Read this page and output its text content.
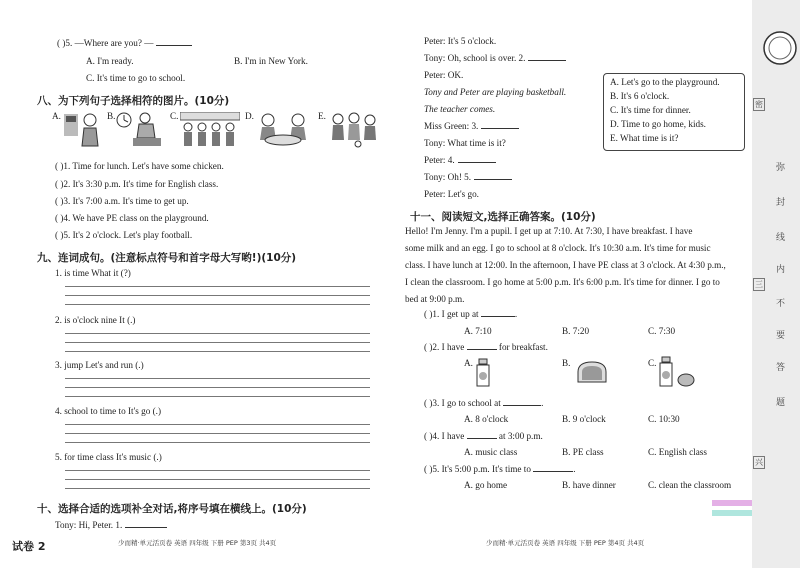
( )5. —Where are you? —
A. I'm ready.	B. I'm in New York.
C. It's time to go to school.
八、为下列句子选择相符的图片。(10分)
A.	B.	C.	D.	E.
( )1. Time for lunch. Let's have some chicken.
( )2. It's 3:30 p.m. It's time for English class.
( )3. It's 7:00 a.m. It's time to get up.
( )4. We have PE class on the playground.
( )5. It's 2 o'clock. Let's play football.
九、连词成句。(注意标点符号和首字母大写哟!)(10分)
1. is time What it (?)
2. is o'clock nine It (.)
3. jump Let's and run (.)
4. school to time to It's go (.)
5. for time class It's music (.)
十、选择合适的选项补全对话,将序号填在横线上。(10分)
Tony: Hi, Peter. 1.
试卷 2	少而精·单元活页卷 英语 四年级 下册 PEP 第3页 共4页
Peter: It's 5 o'clock.
Tony: Oh, school is over. 2.
Peter: OK.
Tony and Peter are playing basketball.
The teacher comes.
Miss Green: 3.
Tony: What time is it?
Peter: 4.
Tony: Oh! 5.
Peter: Let's go.
A. Let's go to the playground.
B. It's 6 o'clock.
C. It's time for dinner.
D. Time to go home, kids.
E. What time is it?
十一、阅读短文,选择正确答案。(10分)
Hello! I'm Jenny. I'm a pupil. I get up at 7:10. At 7:30, I have breakfast. I have
some milk and an egg. I go to school at 8 o'clock. It's 10:30 a.m. It's time for music
class. I have lunch at 12:00. In the afternoon, I have PE class at 3 o'clock. At 4:30 p.m.,
I clean the classroom. I go home at 5:00 p.m. It's 6:00 p.m. It's time for dinner. I go to
bed at 9:00 p.m.
( )1. I get up at	.
A. 7:10	B. 7:20	C. 7:30
( )2. I have	for breakfast.
A.	B.	C.
( )3. I go to school at	.
A. 8 o'clock	B. 9 o'clock	C. 10:30
( )4. I have	at 3:00 p.m.
A. music class	B. PE class	C. English class
( )5. It's 5:00 p.m. It's time to	.
A. go home	B. have dinner	C. clean the classroom
少而精·单元活页卷 英语 四年级 下册 PEP 第4页 共4页
密
三
兴
弥
封
线
内
不
要
答
题
